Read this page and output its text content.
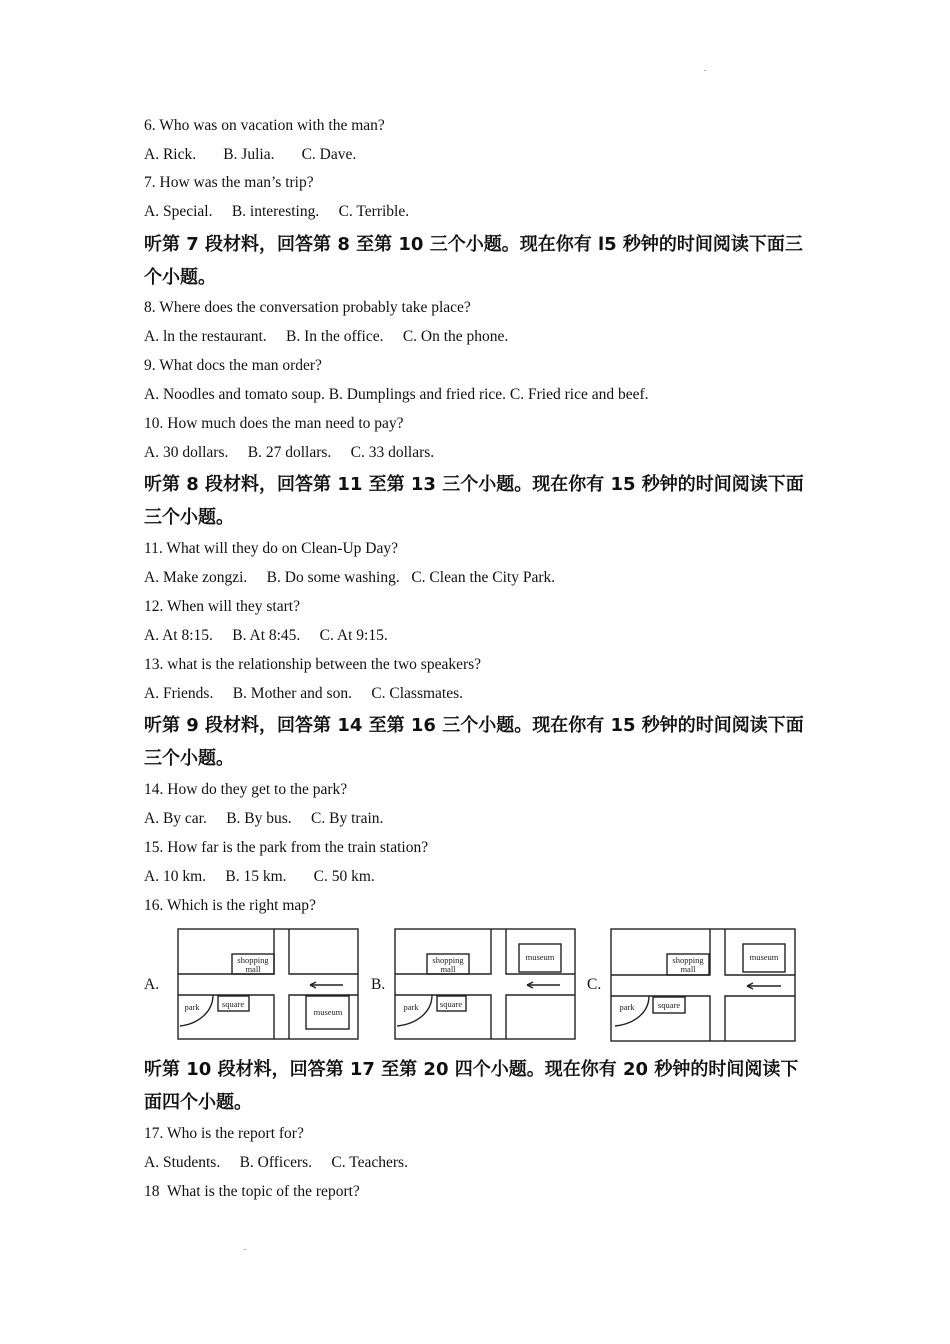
6. Who was on vacation with the man?
A. Rick.       B. Julia.       C. Dave.
7. How was the man’s trip?
A. Special.     B. interesting.     C. Terrible.
听第 7 段材料，回答第 8 至第 10 三个小题。现在你有 l5 秒钟的时间阅读下面三个小题。
8. Where does the conversation probably take place?
A. ln the restaurant.     B. In the office.     C. On the phone.
9. What docs the man order?
A. Noodles and tomato soup. B. Dumplings and fried rice. C. Fried rice and beef.
10. How much does the man need to pay?
A. 30 dollars.     B. 27 dollars.     C. 33 dollars.
听第 8 段材料，回答第 11 至第 13 三个小题。现在你有 15 秒钟的时间阅读下面三个小题。
11. What will they do on Clean-Up Day?
A. Make zongzi.     B. Do some washing.   C. Clean the City Park.
12. When will they start?
A. At 8:15.     B. At 8:45.     C. At 9:15.
13. what is the relationship between the two speakers?
A. Friends.     B. Mother and son.     C. Classmates.
听第 9 段材料，回答第 14 至第 16 三个小题。现在你有 15 秒钟的时间阅读下面三个小题。
14. How do they get to the park?
A. By car.     B. By bus.     C. By train.
15. How far is the park from the train station?
A. 10 km.     B. 15 km.       C. 50 km.
16. Which is the right map?
A.
shopping
mall
square
park	museum
B.
shopping
mall
square
park
museum
C.
shopping
mall
square
park
museum
听第 10 段材料，回答第 17 至第 20 四个小题。现在你有 20 秒钟的时间阅读下面四个小题。
17. Who is the report for?
A. Students.     B. Officers.     C. Teachers.
18  What is the topic of the report?
